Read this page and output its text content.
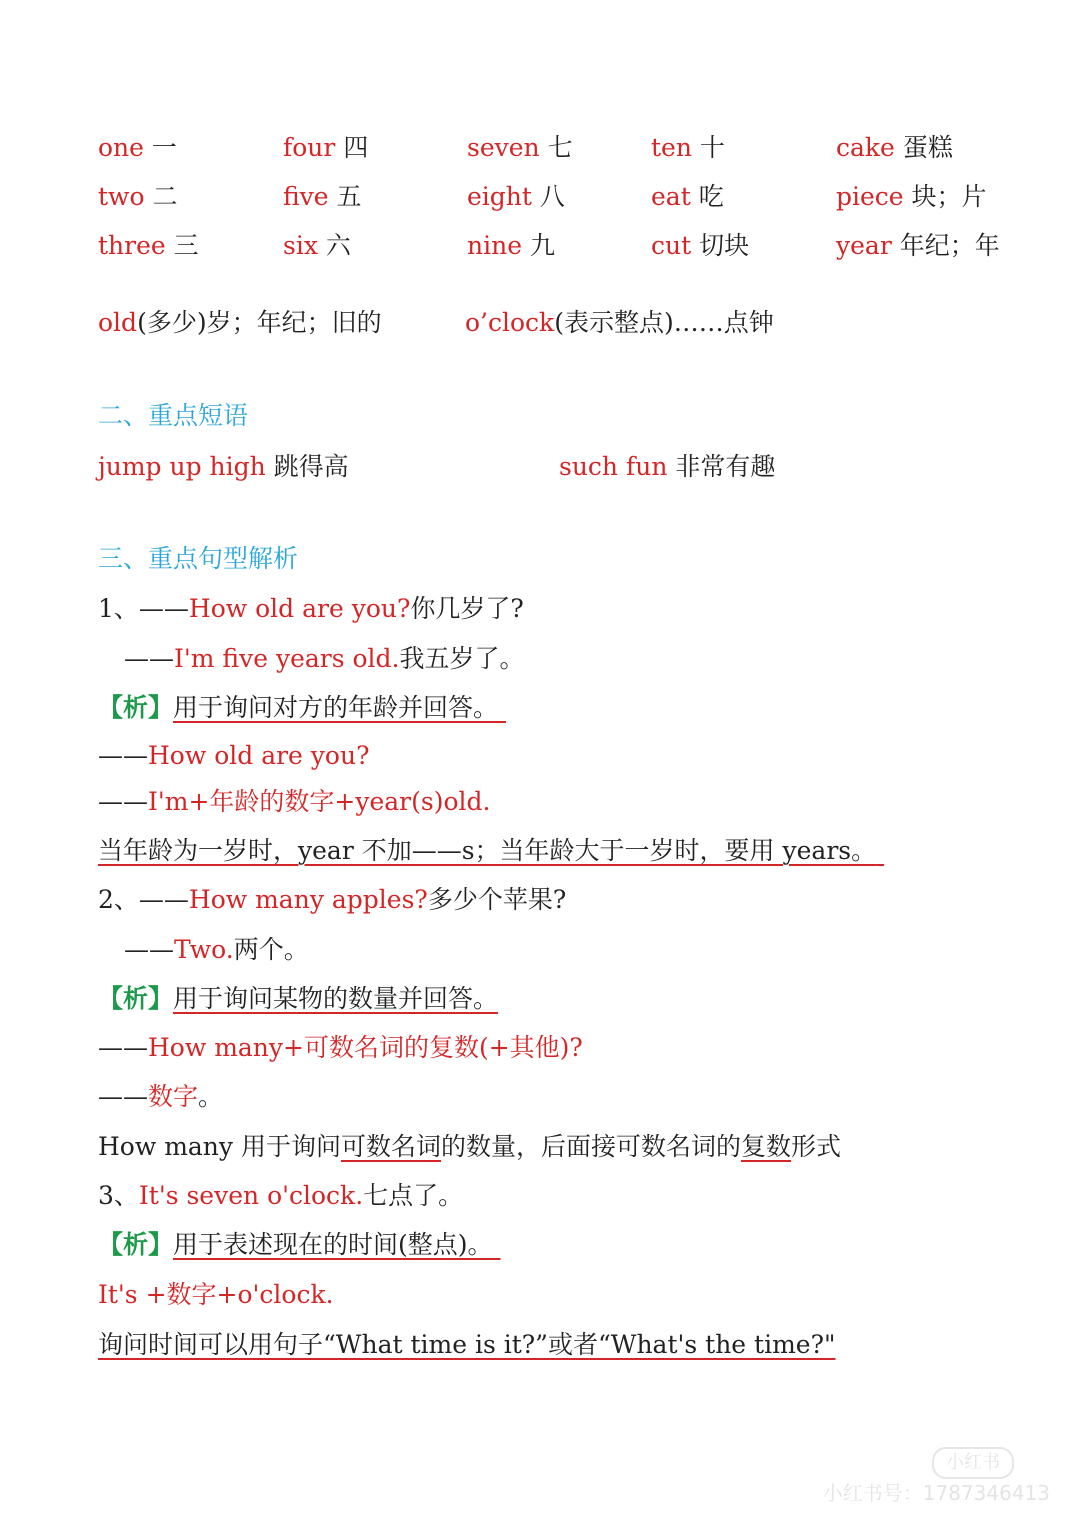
one 一	four 四	seven 七	ten 十	cake 蛋糕
two 二	five 五	eight 八	eat 吃	piece 块；片
three 三	six 六	nine 九	cut 切块	year 年纪；年
old(多少)岁；年纪；旧的	o’clock(表示整点)……点钟
二、重点短语
jump up high 跳得高	such fun 非常有趣
三、重点句型解析
1、——How old are you?你几岁了?
——I'm five years old.我五岁了。
【析】用于询问对方的年龄并回答。
——How old are you?
——I'm+年龄的数字+year(s)old.
当年龄为一岁时，year 不加——s；当年龄大于一岁时，要用 years。
2、——How many apples?多少个苹果?
——Two.两个。
【析】用于询问某物的数量并回答。
——How many+可数名词的复数(+其他)?
——数字。
How many 用于询问可数名词的数量，后面接可数名词的复数形式
3、It's seven o'clock.七点了。
【析】用于表述现在的时间(整点)。
It's +数字+o'clock.
询问时间可以用句子“What time is it?”或者“What's the time?"
小红书
小红书号：1787346413
